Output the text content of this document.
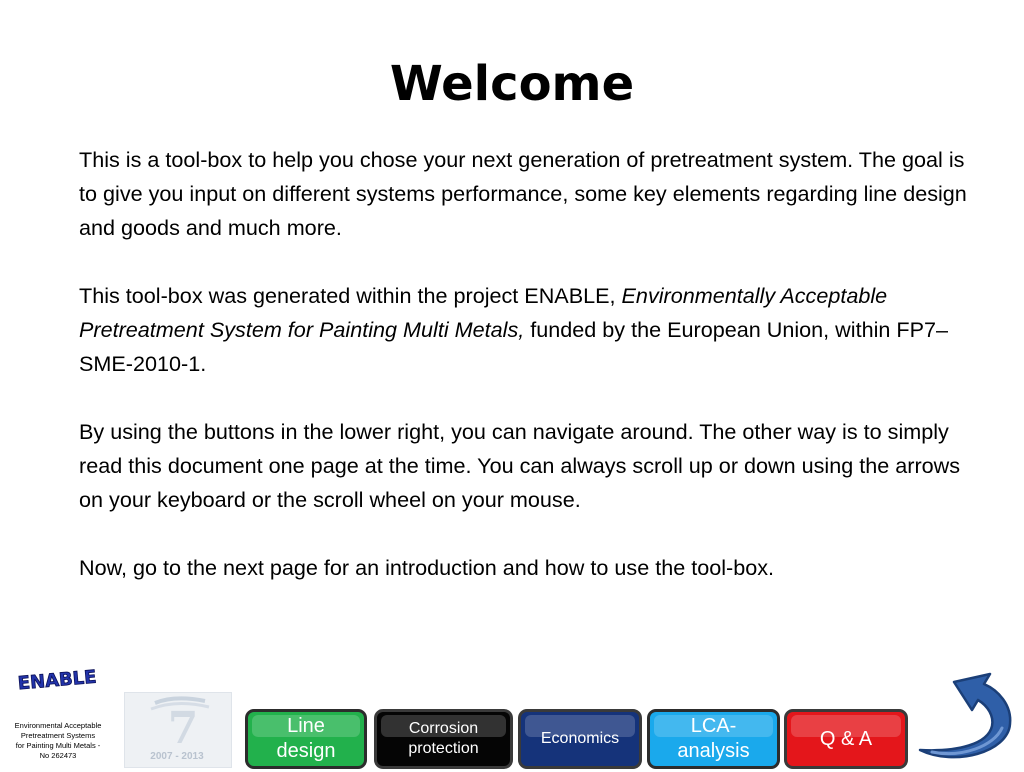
Welcome

This is a tool-box to help you chose your next generation of pretreatment system. The goal is to give you input on different systems performance, some key elements regarding line design and goods and much more.

This tool-box was generated within the project ENABLE, Environmentally Acceptable Pretreatment System for Painting Multi Metals, funded by the European Union, within FP7–SME-2010-1.

By using the buttons in the lower right, you can navigate around. The other way is to simply read this document one page at the time. You can always scroll up or down using the arrows on your keyboard or the scroll wheel on your mouse.

Now, go to the next page for an introduction and how to use the tool-box.

ENABLE
Environmental Acceptable
Pretreatment Systems
for Painting Multi Metals -
No 262473
7
2007 - 2013
Line
design
Corrosion
protection
Economics
LCA-
analysis
Q & A
